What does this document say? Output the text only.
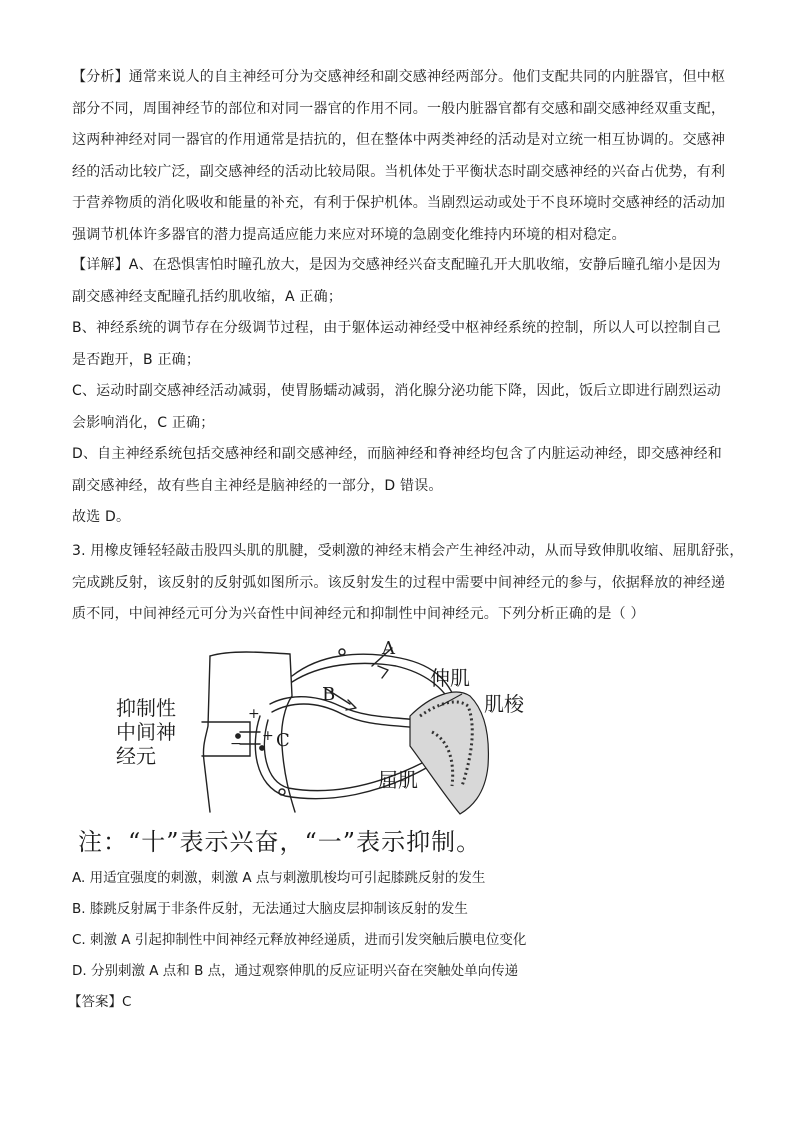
【分析】通常来说人的自主神经可分为交感神经和副交感神经两部分。他们支配共同的内脏器官，但中枢
部分不同，周围神经节的部位和对同一器官的作用不同。一般内脏器官都有交感和副交感神经双重支配，
这两种神经对同一器官的作用通常是拮抗的，但在整体中两类神经的活动是对立统一相互协调的。交感神
经的活动比较广泛，副交感神经的活动比较局限。当机体处于平衡状态时副交感神经的兴奋占优势，有利
于营养物质的消化吸收和能量的补充，有利于保护机体。当剧烈运动或处于不良环境时交感神经的活动加
强调节机体许多器官的潜力提高适应能力来应对环境的急剧变化维持内环境的相对稳定。
【详解】A、在恐惧害怕时瞳孔放大，是因为交感神经兴奋支配瞳孔开大肌收缩，安静后瞳孔缩小是因为
副交感神经支配瞳孔括约肌收缩，A 正确；
B、神经系统的调节存在分级调节过程，由于躯体运动神经受中枢神经系统的控制，所以人可以控制自己
是否跑开，B 正确；
C、运动时副交感神经活动减弱，使胃肠蠕动减弱，消化腺分泌功能下降，因此，饭后立即进行剧烈运动
会影响消化，C 正确；
D、自主神经系统包括交感神经和副交感神经，而脑神经和脊神经均包含了内脏运动神经，即交感神经和
副交感神经，故有些自主神经是脑神经的一部分，D 错误。
故选 D。
3. 用橡皮锤轻轻敲击股四头肌的肌腱，受刺激的神经末梢会产生神经冲动，从而导致伸肌收缩、屈肌舒张，
完成跳反射，该反射的反射弧如图所示。该反射发生的过程中需要中间神经元的参与，依据释放的神经递
质不同，中间神经元可分为兴奋性中间神经元和抑制性中间神经元。下列分析正确的是（ ）
抑制性
中间神
经元
A
B
C
+
+
−
伸肌
肌梭
屈肌
注：“十”表示兴奋，“一”表示抑制。
A. 用适宜强度的刺激，刺激 A 点与刺激肌梭均可引起膝跳反射的发生
B. 膝跳反射属于非条件反射，无法通过大脑皮层抑制该反射的发生
C. 刺激 A 引起抑制性中间神经元释放神经递质，进而引发突触后膜电位变化
D. 分别刺激 A 点和 B 点，通过观察伸肌的反应证明兴奋在突触处单向传递
【答案】C
